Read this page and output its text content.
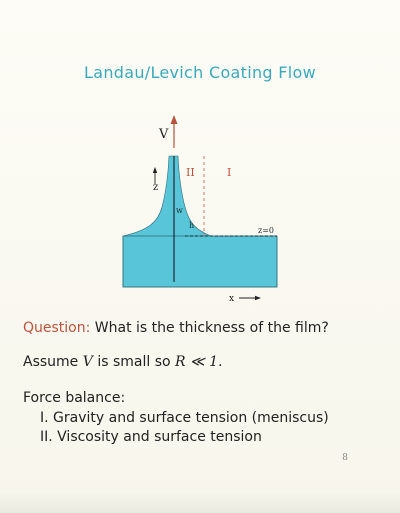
Landau/Levich Coating Flow
V
z
II	I
w
h
z=0
x
Question: What is the thickness of the film?
Assume V is small so R ≪ 1.
Force balance:
I. Gravity and surface tension (meniscus)
II. Viscosity and surface tension
8
